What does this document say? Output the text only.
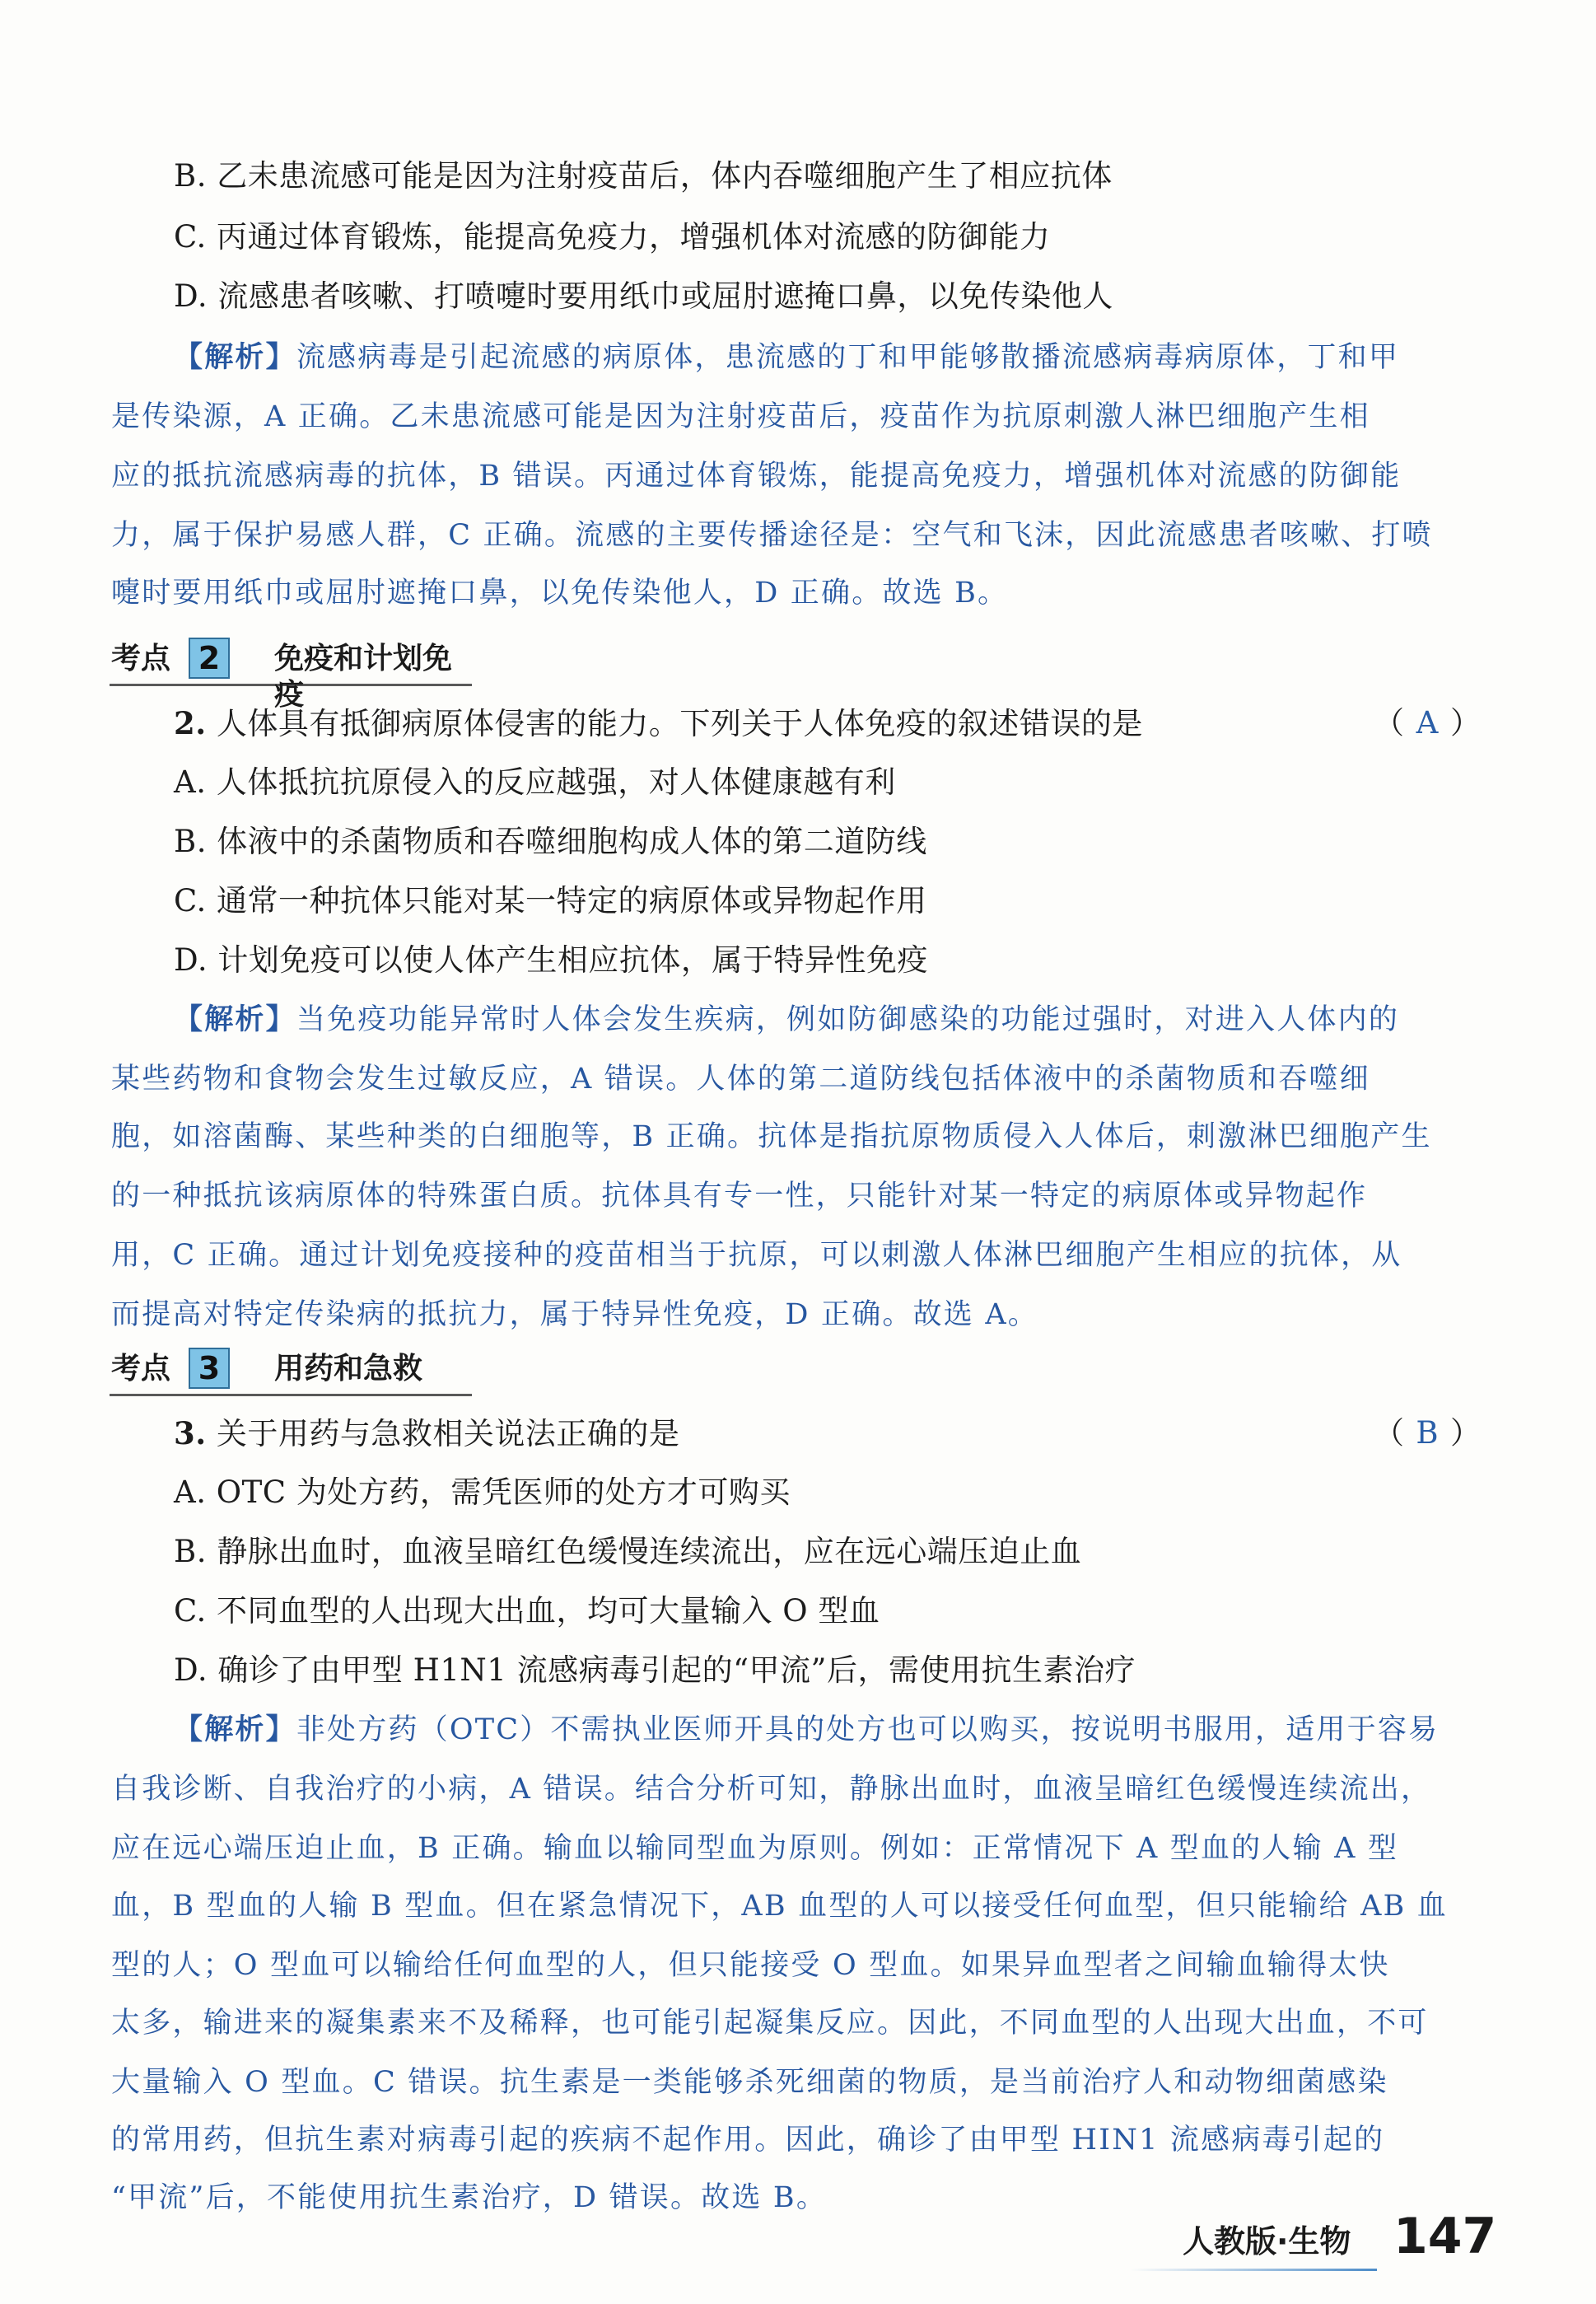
B. 乙未患流感可能是因为注射疫苗后，体内吞噬细胞产生了相应抗体
C. 丙通过体育锻炼，能提高免疫力，增强机体对流感的防御能力
D. 流感患者咳嗽、打喷嚏时要用纸巾或屈肘遮掩口鼻，以免传染他人
【解析】流感病毒是引起流感的病原体，患流感的丁和甲能够散播流感病毒病原体，丁和甲
是传染源，A 正确。乙未患流感可能是因为注射疫苗后，疫苗作为抗原刺激人淋巴细胞产生相
应的抵抗流感病毒的抗体，B 错误。丙通过体育锻炼，能提高免疫力，增强机体对流感的防御能
力，属于保护易感人群，C 正确。流感的主要传播途径是：空气和飞沫，因此流感患者咳嗽、打喷
嚏时要用纸巾或屈肘遮掩口鼻，以免传染他人，D 正确。故选 B。
考点 2	免疫和计划免疫
2. 人体具有抵御病原体侵害的能力。下列关于人体免疫的叙述错误的是	（ A ）
A. 人体抵抗抗原侵入的反应越强，对人体健康越有利
B. 体液中的杀菌物质和吞噬细胞构成人体的第二道防线
C. 通常一种抗体只能对某一特定的病原体或异物起作用
D. 计划免疫可以使人体产生相应抗体，属于特异性免疫
【解析】当免疫功能异常时人体会发生疾病，例如防御感染的功能过强时，对进入人体内的
某些药物和食物会发生过敏反应，A 错误。人体的第二道防线包括体液中的杀菌物质和吞噬细
胞，如溶菌酶、某些种类的白细胞等，B 正确。抗体是指抗原物质侵入人体后，刺激淋巴细胞产生
的一种抵抗该病原体的特殊蛋白质。抗体具有专一性，只能针对某一特定的病原体或异物起作
用，C 正确。通过计划免疫接种的疫苗相当于抗原，可以刺激人体淋巴细胞产生相应的抗体，从
而提高对特定传染病的抵抗力，属于特异性免疫，D 正确。故选 A。
考点 3	用药和急救
3. 关于用药与急救相关说法正确的是	（ B ）
A. OTC 为处方药，需凭医师的处方才可购买
B. 静脉出血时，血液呈暗红色缓慢连续流出，应在远心端压迫止血
C. 不同血型的人出现大出血，均可大量输入 O 型血
D. 确诊了由甲型 H1N1 流感病毒引起的“甲流”后，需使用抗生素治疗
【解析】非处方药（OTC）不需执业医师开具的处方也可以购买，按说明书服用，适用于容易
自我诊断、自我治疗的小病，A 错误。结合分析可知，静脉出血时，血液呈暗红色缓慢连续流出，
应在远心端压迫止血，B 正确。输血以输同型血为原则。例如：正常情况下 A 型血的人输 A 型
血，B 型血的人输 B 型血。但在紧急情况下，AB 血型的人可以接受任何血型，但只能输给 AB 血
型的人；O 型血可以输给任何血型的人，但只能接受 O 型血。如果异血型者之间输血输得太快
太多，输进来的凝集素来不及稀释，也可能引起凝集反应。因此，不同血型的人出现大出血，不可
大量输入 O 型血。C 错误。抗生素是一类能够杀死细菌的物质，是当前治疗人和动物细菌感染
的常用药，但抗生素对病毒引起的疾病不起作用。因此，确诊了由甲型 HIN1 流感病毒引起的
“甲流”后，不能使用抗生素治疗，D 错误。故选 B。
人教版·生物 147
